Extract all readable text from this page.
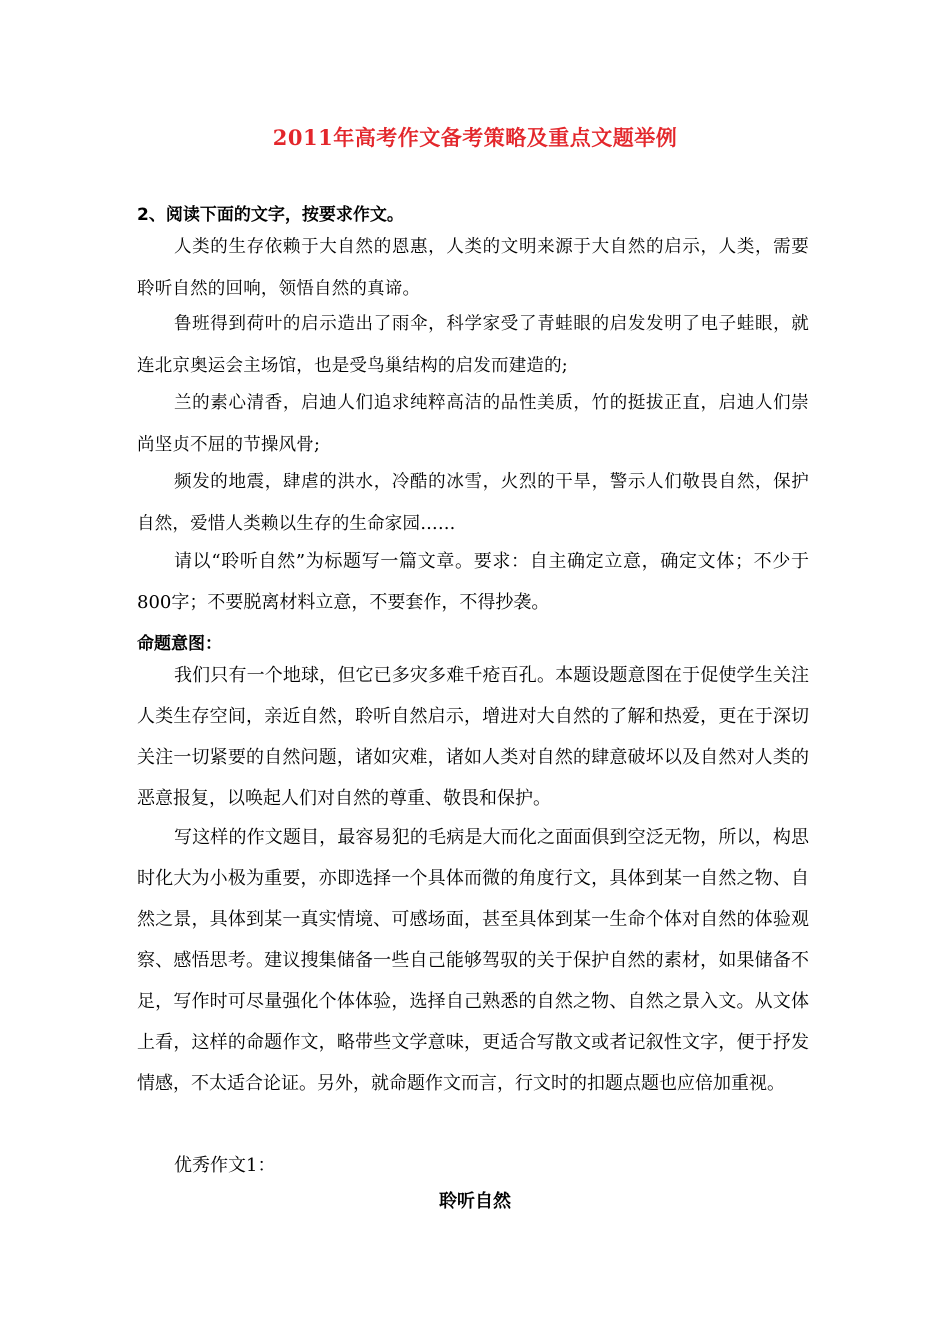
2011年高考作文备考策略及重点文题举例
2、阅读下面的文字，按要求作文。
人类的生存依赖于大自然的恩惠，人类的文明来源于大自然的启示，人类，需要聆听自然的回响，领悟自然的真谛。
鲁班得到荷叶的启示造出了雨伞，科学家受了青蛙眼的启发发明了电子蛙眼，就连北京奥运会主场馆，也是受鸟巢结构的启发而建造的;
兰的素心清香，启迪人们追求纯粹高洁的品性美质，竹的挺拔正直，启迪人们崇尚坚贞不屈的节操风骨;
频发的地震，肆虐的洪水，冷酷的冰雪，火烈的干旱，警示人们敬畏自然，保护自然，爱惜人类赖以生存的生命家园……
请以“聆听自然”为标题写一篇文章。要求：自主确定立意，确定文体；不少于800字；不要脱离材料立意，不要套作，不得抄袭。
命题意图：
我们只有一个地球，但它已多灾多难千疮百孔。本题设题意图在于促使学生关注人类生存空间，亲近自然，聆听自然启示，增进对大自然的了解和热爱，更在于深切关注一切紧要的自然问题，诸如灾难，诸如人类对自然的肆意破坏以及自然对人类的恶意报复，以唤起人们对自然的尊重、敬畏和保护。
写这样的作文题目，最容易犯的毛病是大而化之面面俱到空泛无物，所以，构思时化大为小极为重要，亦即选择一个具体而微的角度行文，具体到某一自然之物、自然之景，具体到某一真实情境、可感场面，甚至具体到某一生命个体对自然的体验观察、感悟思考。建议搜集储备一些自己能够驾驭的关于保护自然的素材，如果储备不足，写作时可尽量强化个体体验，选择自己熟悉的自然之物、自然之景入文。从文体上看，这样的命题作文，略带些文学意味，更适合写散文或者记叙性文字，便于抒发情感，不太适合论证。另外，就命题作文而言，行文时的扣题点题也应倍加重视。
优秀作文1：
聆听自然
